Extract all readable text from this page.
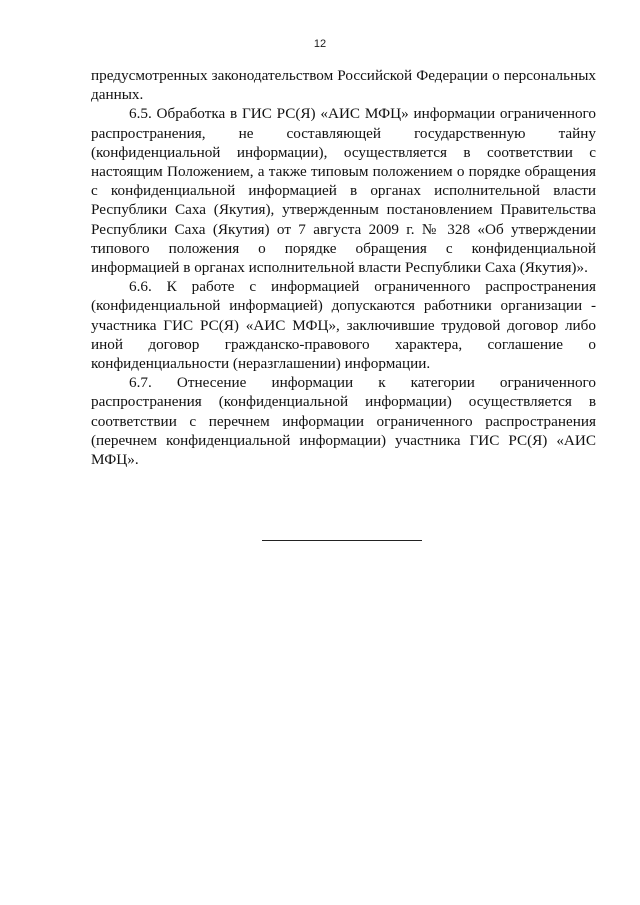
12

предусмотренных законодательством Российской Федерации о персональных данных.

6.5. Обработка в ГИС РС(Я) «АИС МФЦ» информации ограниченного распространения, не составляющей государственную тайну (конфиденциальной информации), осуществляется в соответствии с настоящим Положением, а также типовым положением о порядке обращения с конфиденциальной информацией в органах исполнительной власти Республики Саха (Якутия), утвержденным постановлением Правительства Республики Саха (Якутия) от 7 августа 2009 г. № 328 «Об утверждении типового положения о порядке обращения с конфиденциальной информацией в органах исполнительной власти Республики Саха (Якутия)».

6.6. К работе с информацией ограниченного распространения (конфиденциальной информацией) допускаются работники организации - участника ГИС РС(Я) «АИС МФЦ», заключившие трудовой договор либо иной договор гражданско-правового характера, соглашение о конфиденциальности (неразглашении) информации.

6.7. Отнесение информации к категории ограниченного распространения (конфиденциальной информации) осуществляется в соответствии с перечнем информации ограниченного распространения (перечнем конфиденциальной информации) участника ГИС РС(Я) «АИС МФЦ».
